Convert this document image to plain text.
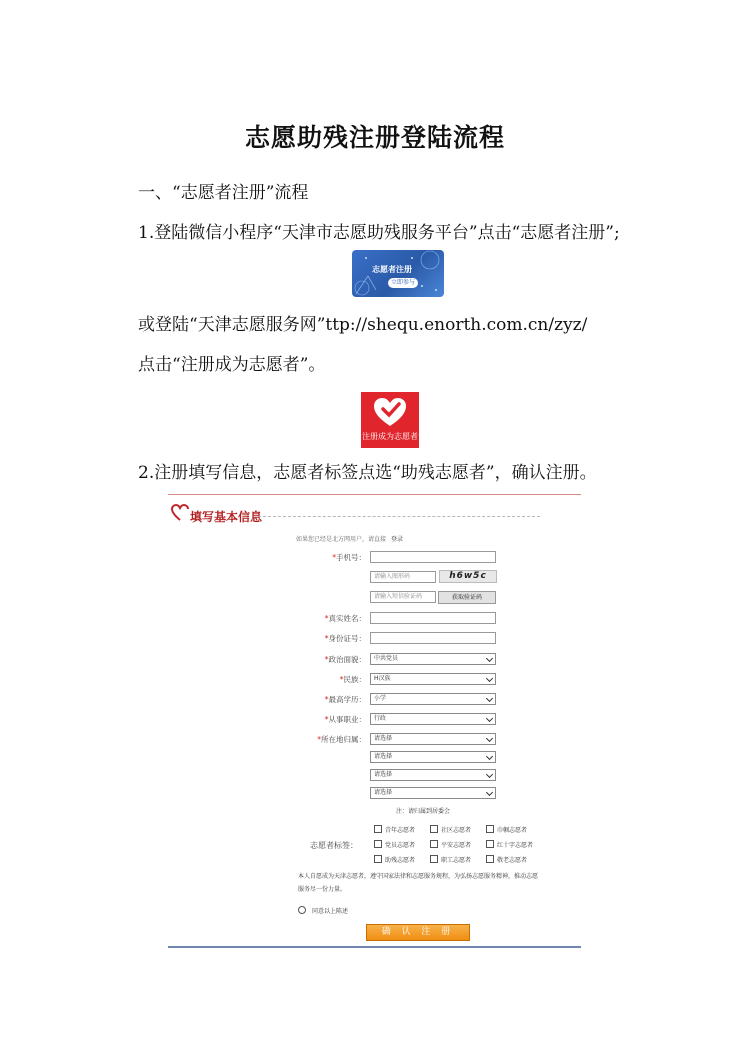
志愿助残注册登陆流程
一、“志愿者注册”流程
1.登陆微信小程序“天津市志愿助残服务平台”点击“志愿者注册”;
志愿者注册
立即参与
或登陆“天津志愿服务网”ttp://shequ.enorth.com.cn/zyz/
点击“注册成为志愿者”。
注册成为志愿者
2.注册填写信息，志愿者标签点选“助残志愿者”，确认注册。
填写基本信息
如果您已经是北方网用户，请直接 登录
*手机号：
请输入图形码	h6w5c
请输入短信验证码	获取验证码
*真实姓名：
*身份证号：
*政治面貌：	中共党员
*民族：	H汉族
*最高学历：	小学
*从事职业：	行政
*所在地归属：	请选择
请选择
请选择
请选择
注：请归属到居委会
志愿者标签：
青年志愿者	社区志愿者	巾帼志愿者
党员志愿者	平安志愿者	红十字志愿者
助残志愿者	职工志愿者	敬老志愿者
本人自愿成为天津志愿者，遵守国家法律和志愿服务规程，为弘扬志愿服务精神，推动志愿服务尽一份力量。
同意以上陈述
确 认 注 册
